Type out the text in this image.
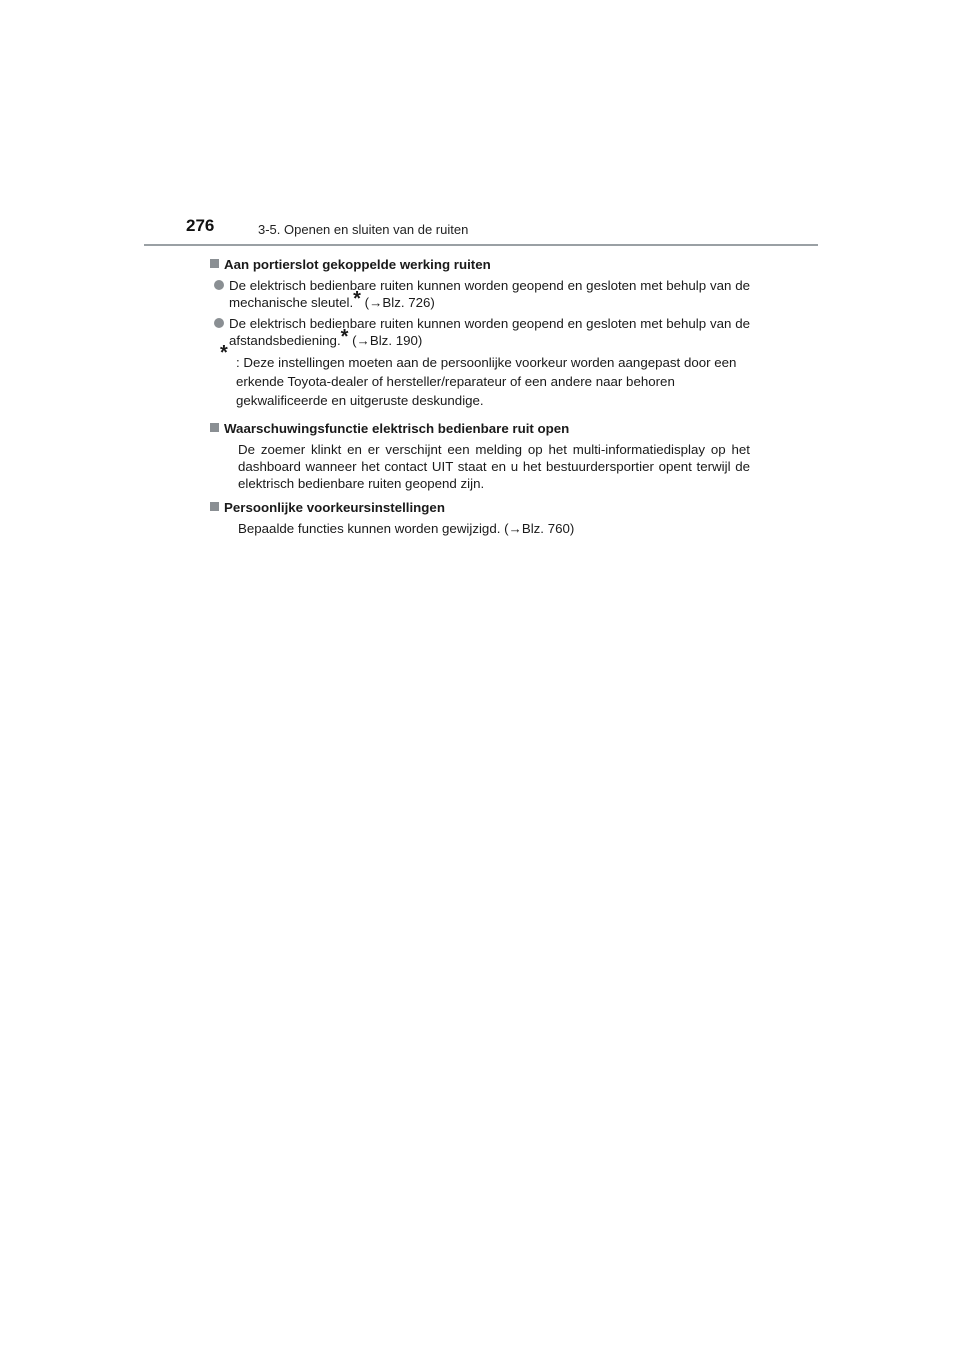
276	3-5. Openen en sluiten van de ruiten
Aan portierslot gekoppelde werking ruiten
De elektrisch bedienbare ruiten kunnen worden geopend en gesloten met behulp van de mechanische sleutel.* (→Blz. 726)
De elektrisch bedienbare ruiten kunnen worden geopend en gesloten met behulp van de afstandsbediening.* (→Blz. 190)
* : Deze instellingen moeten aan de persoonlijke voorkeur worden aangepast door een erkende Toyota-dealer of hersteller/reparateur of een andere naar behoren gekwalificeerde en uitgeruste deskundige.
Waarschuwingsfunctie elektrisch bedienbare ruit open
De zoemer klinkt en er verschijnt een melding op het multi-informatiedisplay op het dashboard wanneer het contact UIT staat en u het bestuurdersportier opent terwijl de elektrisch bedienbare ruiten geopend zijn.
Persoonlijke voorkeursinstellingen
Bepaalde functies kunnen worden gewijzigd. (→Blz. 760)
